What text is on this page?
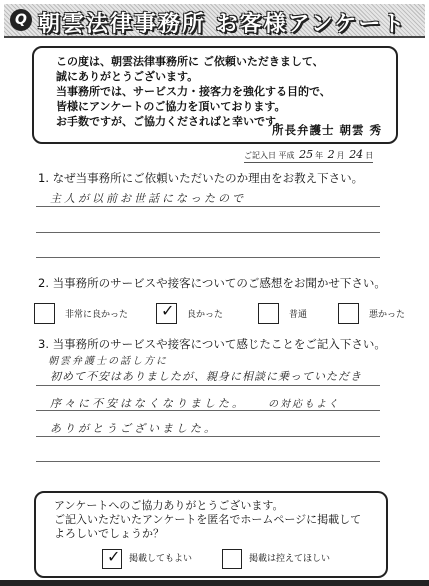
Q 朝雲法律事務所 お客様アンケート
この度は、朝雲法律事務所に ご依頼いただきまして、
誠にありがとうございます。
当事務所では、サービス力・接客力を強化する目的で、
皆様にアンケートのご協力を頂いております。
お手数ですが、ご協力くださればと幸いです。
所長弁護士 朝雲 秀
ご記入日 平成 25 年 2 月 24 日
1. なぜ当事務所にご依頼いただいたのか理由をお教え下さい。
主人が以前お世話になったので
2. 当事務所のサービスや接客についてのご感想をお聞かせ下さい。
非常に良かった ✓ 良かった	普通	悪かった
3. 当事務所のサービスや接客について感じたことをご記入下さい。
朝雲弁護士の話し方に
初めて不安はありましたが、親身に相談に乗っていただき
序々に不安はなくなりました。 の対応もよく
ありがとうございました。
アンケートへのご協力ありがとうございます。
ご記入いただいたアンケートを匿名でホームページに掲載して
よろしいでしょうか？
✓ 掲載してもよい	掲載は控えてほしい
